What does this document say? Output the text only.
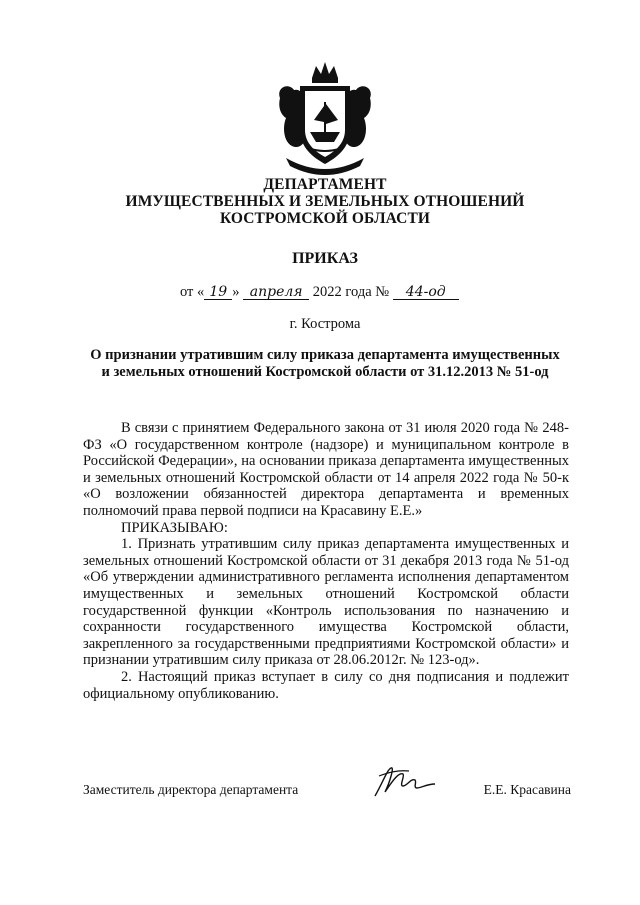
ДЕПАРТАМЕНТ
ИМУЩЕСТВЕННЫХ И ЗЕМЕЛЬНЫХ ОТНОШЕНИЙ
КОСТРОМСКОЙ ОБЛАСТИ
ПРИКАЗ
от « 19 » апреля 2022 года № 44-од
г. Кострома
О признании утратившим силу приказа департамента имущественных
и земельных отношений Костромской области от 31.12.2013 № 51-од

В связи с принятием Федерального закона от 31 июля 2020 года № 248-ФЗ «О государственном контроле (надзоре) и муниципальном контроле в Российской Федерации», на основании приказа департамента имущественных и земельных отношений Костромской области от 14 апреля 2022 года № 50-к «О возложении обязанностей директора департамента и временных полномочий права первой подписи на Красавину Е.Е.»

ПРИКАЗЫВАЮ:

1. Признать утратившим силу приказ департамента имущественных и земельных отношений Костромской области от 31 декабря 2013 года № 51-од «Об утверждении административного регламента исполнения департаментом имущественных и земельных отношений Костромской области государственной функции «Контроль использования по назначению и сохранности государственного имущества Костромской области, закрепленного за государственными предприятиями Костромской области» и признании утратившим силу приказа от 28.06.2012г. № 123-од».

2. Настоящий приказ вступает в силу со дня подписания и подлежит официальному опубликованию.

Заместитель директора департамента	Е.Е. Красавина
